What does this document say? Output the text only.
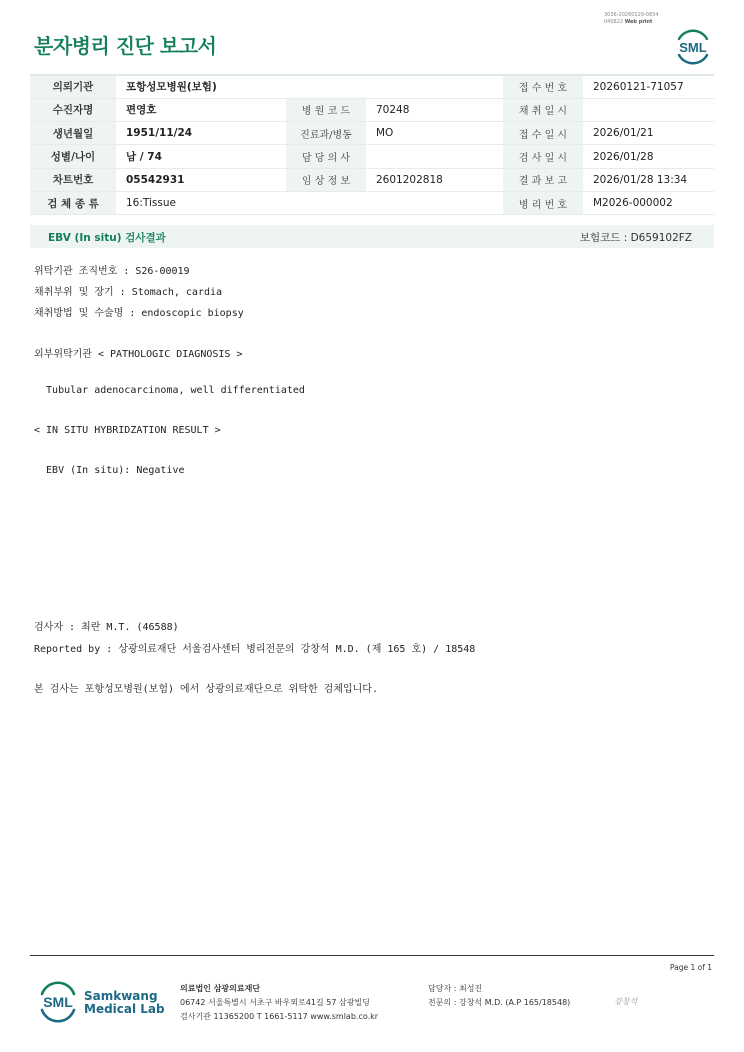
3036-20260129-0834
040822 Web print
분자병리 진단 보고서	SML
의뢰기관	포항성모병원(보험)			접 수 번 호	20260121-71057
수진자명	편영호	병 원 코 드	70248	채 취 일 시	
생년월일	1951/11/24	진료과/병동	MO	접 수 일 시	2026/01/21
성별/나이	남 / 74	담 당 의 사		검 사 일 시	2026/01/28
차트번호	05542931	임 상 정 보	2601202818	결 과 보 고	2026/01/28 13:34
검 체 종 류	16:Tissue			병 리 번 호	M2026-000002
EBV (In situ) 검사결과	보험코드 : D659102FZ
위탁기관 조직번호 : S26-00019
채취부위 및 장기 : Stomach, cardia
채취방법 및 수술명 : endoscopic biopsy
외부위탁기관 < PATHOLOGIC DIAGNOSIS >
Tubular adenocarcinoma, well differentiated
< IN SITU HYBRIDZATION RESULT >
EBV (In situ): Negative
검사자 : 최란 M.T. (46588)
Reported by : 상광의료재단 서울검사센터 병리전문의 강창석 M.D. (제 165 호) / 18548
본 검사는 포항성모병원(보험) 에서 상광의료재단으로 위탁한 검체입니다.
Page 1 of 1
SML Samkwang
Medical Lab
의료법인 삼광의료재단
06742 서울특별시 서초구 바우뫼로41길 57 삼광빌딩
검사기관 11365200 T 1661-5117 www.smlab.co.kr
담당자 : 최성진
전문의 : 강창석 M.D. (A.P 165/18548)	강창석
